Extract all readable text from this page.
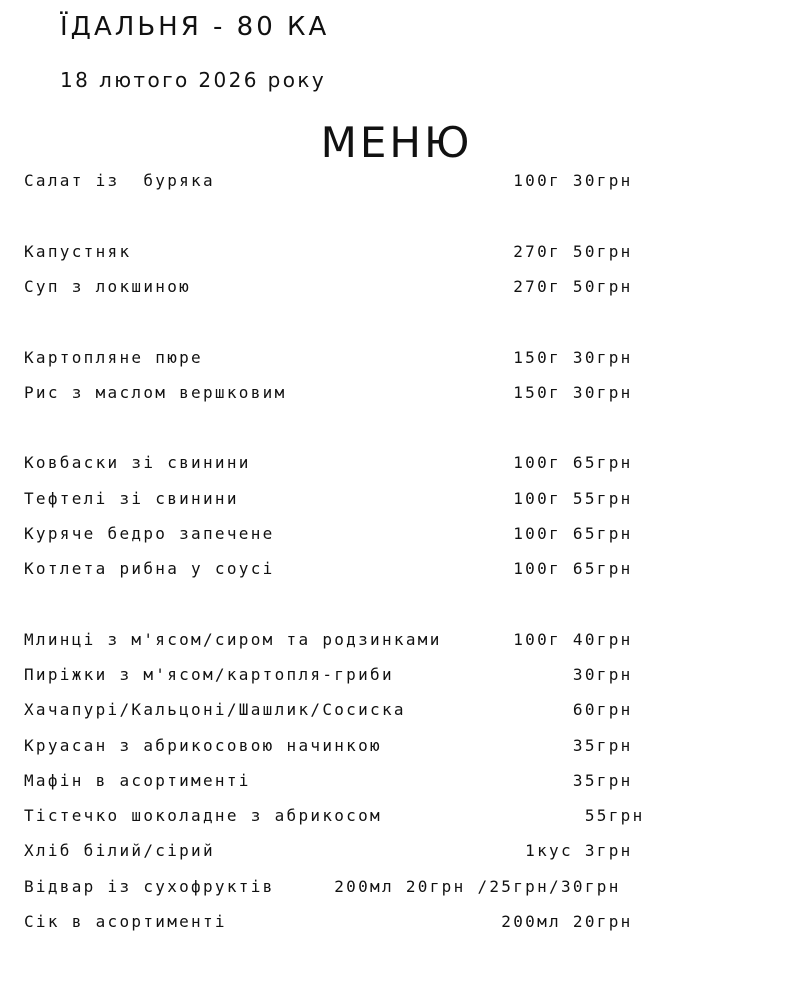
ЇДАЛЬНЯ - 80 КА
18 лютого 2026 року
МЕНЮ
Салат із  буряка                         100г 30грн
Капустняк                                270г 50грн
Суп з локшиною                           270г 50грн
Картопляне пюре                          150г 30грн
Рис з маслом вершковим                   150г 30грн
Ковбаски зі свинини                      100г 65грн
Тефтелі зі свинини                       100г 55грн
Куряче бедро запечене                    100г 65грн
Котлета рибна у соусі                    100г 65грн
Млинці з м'ясом/сиром та родзинками      100г 40грн
Пиріжки з м'ясом/картопля-гриби               30грн
Хачапурі/Кальцоні/Шашлик/Сосиска              60грн
Круасан з абрикосовою начинкою                35грн
Мафін в асортименті                           35грн
Тістечко шоколадне з абрикосом                 55грн
Хліб білий/сірий                          1кус 3грн
Відвар із сухофруктів     200мл 20грн /25грн/30грн
Сік в асортименті                       200мл 20грн
